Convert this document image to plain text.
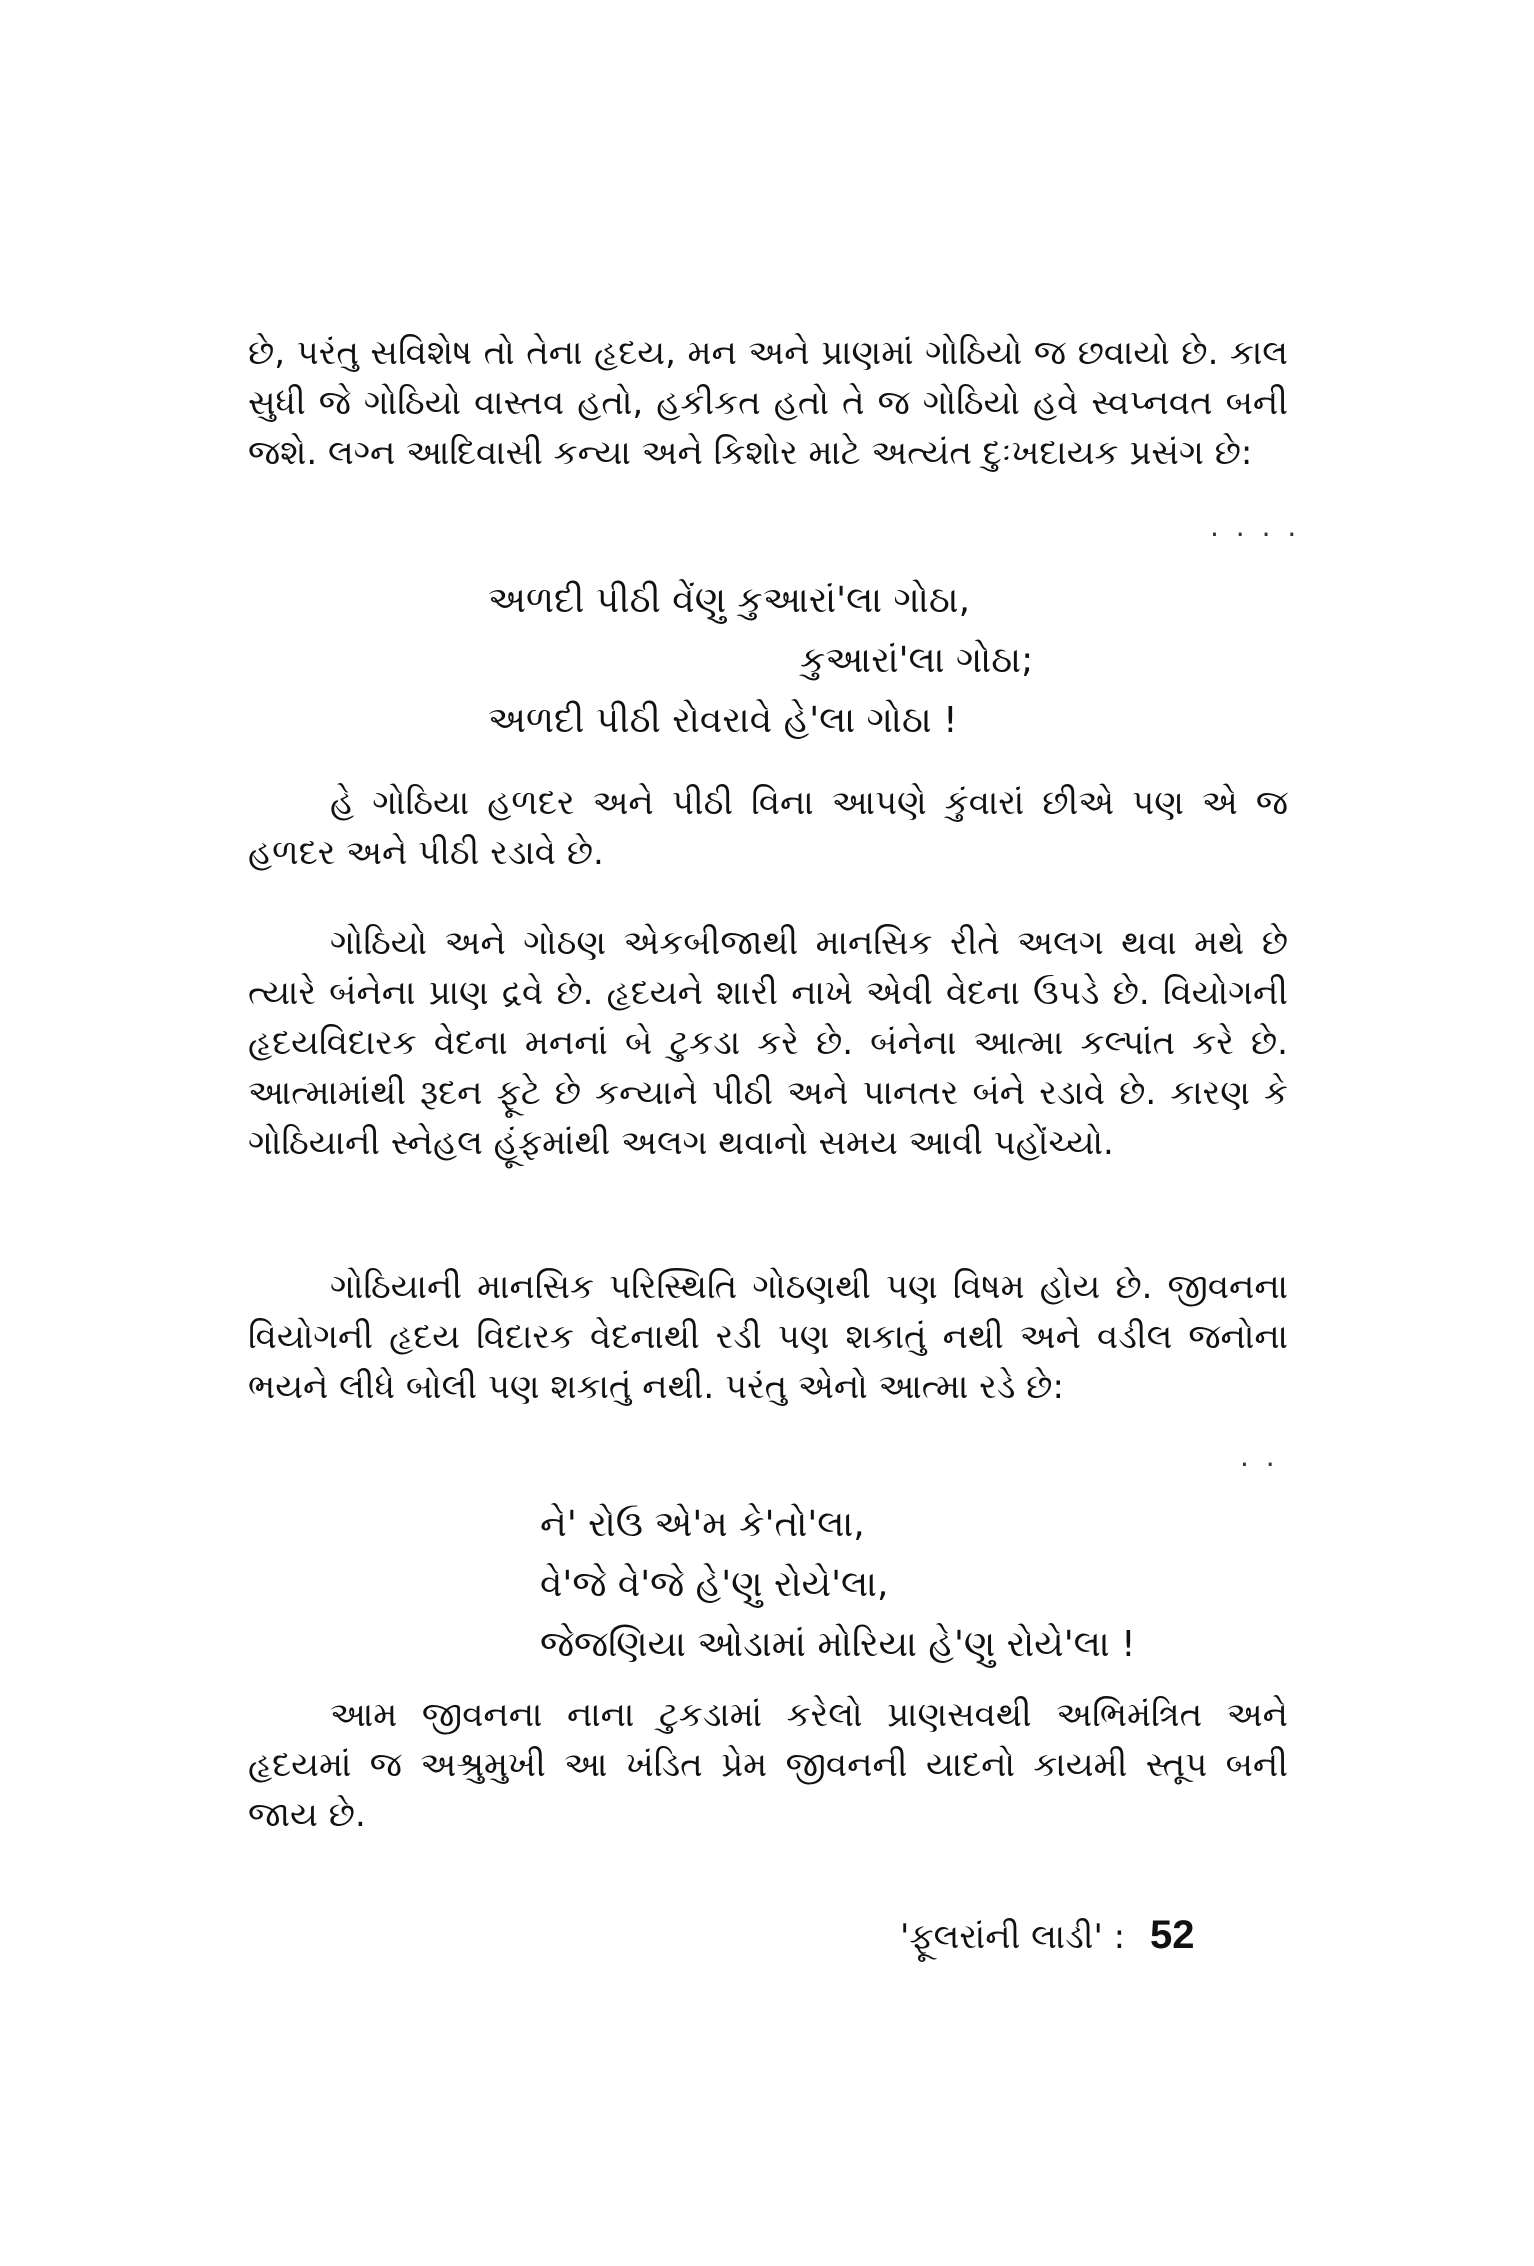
છે, પરંતુ સવિશેષ તો તેના હૃદય, મન અને પ્રાણમાં ગોઠિયો જ છવાયો છે. કાલ સુધી જે ગોઠિયો વાસ્તવ હતો, હકીકત હતો તે જ ગોઠિયો હવે સ્વપ્નવત બની જશે. લગ્ન આદિવાસી કન્યા અને કિશોર માટે અત્યંત દુઃખદાયક પ્રસંગ છે:

· · · ·
અળદી પીઠી વેંણુ કુઆરાં'લા ગોઠા,
કુઆરાં'લા ગોઠા;
અળદી પીઠી રોવરાવે હે'લા ગોઠા !

હે ગોઠિયા હળદર અને પીઠી વિના આપણે કુંવારાં છીએ પણ એ જ હળદર અને પીઠી રડાવે છે.

ગોઠિયો અને ગોઠણ એકબીજાથી માનસિક રીતે અલગ થવા મથે છે ત્યારે બંનેના પ્રાણ દ્રવે છે. હૃદયને શારી નાખે એવી વેદના ઉપડે છે. વિયોગની હૃદયવિદારક વેદના મનનાં બે ટુકડા કરે છે. બંનેના આત્મા કલ્પાંત કરે છે. આત્મામાંથી રૂદન ફૂટે છે કન્યાને પીઠી અને પાનતર બંને રડાવે છે. કારણ કે ગોઠિયાની સ્નેહલ હૂંફમાંથી અલગ થવાનો સમય આવી પહોંચ્યો.

ગોઠિયાની માનસિક પરિસ્થિતિ ગોઠણથી પણ વિષમ હોય છે. જીવનના વિયોગની હૃદય વિદારક વેદનાથી રડી પણ શકાતું નથી અને વડીલ જનોના ભયને લીધે બોલી પણ શકાતું નથી. પરંતુ એનો આત્મા રડે છે:

· ·
ને' રોઉ એ'મ કે'તો'લા,
વે'જે વે'જે હે'ણુ રોયે'લા,
જેજણિયા ઓડામાં મોરિયા હે'ણુ રોયે'લા !

આમ જીવનના નાના ટુકડામાં કરેલો પ્રાણસવથી અભિમંત્રિત અને હૃદયમાં જ અશ્રુમુખી આ ખંડિત પ્રેમ જીવનની યાદનો કાયમી સ્તૂપ બની જાય છે.

'ફૂલરાંની લાડી' : 52
